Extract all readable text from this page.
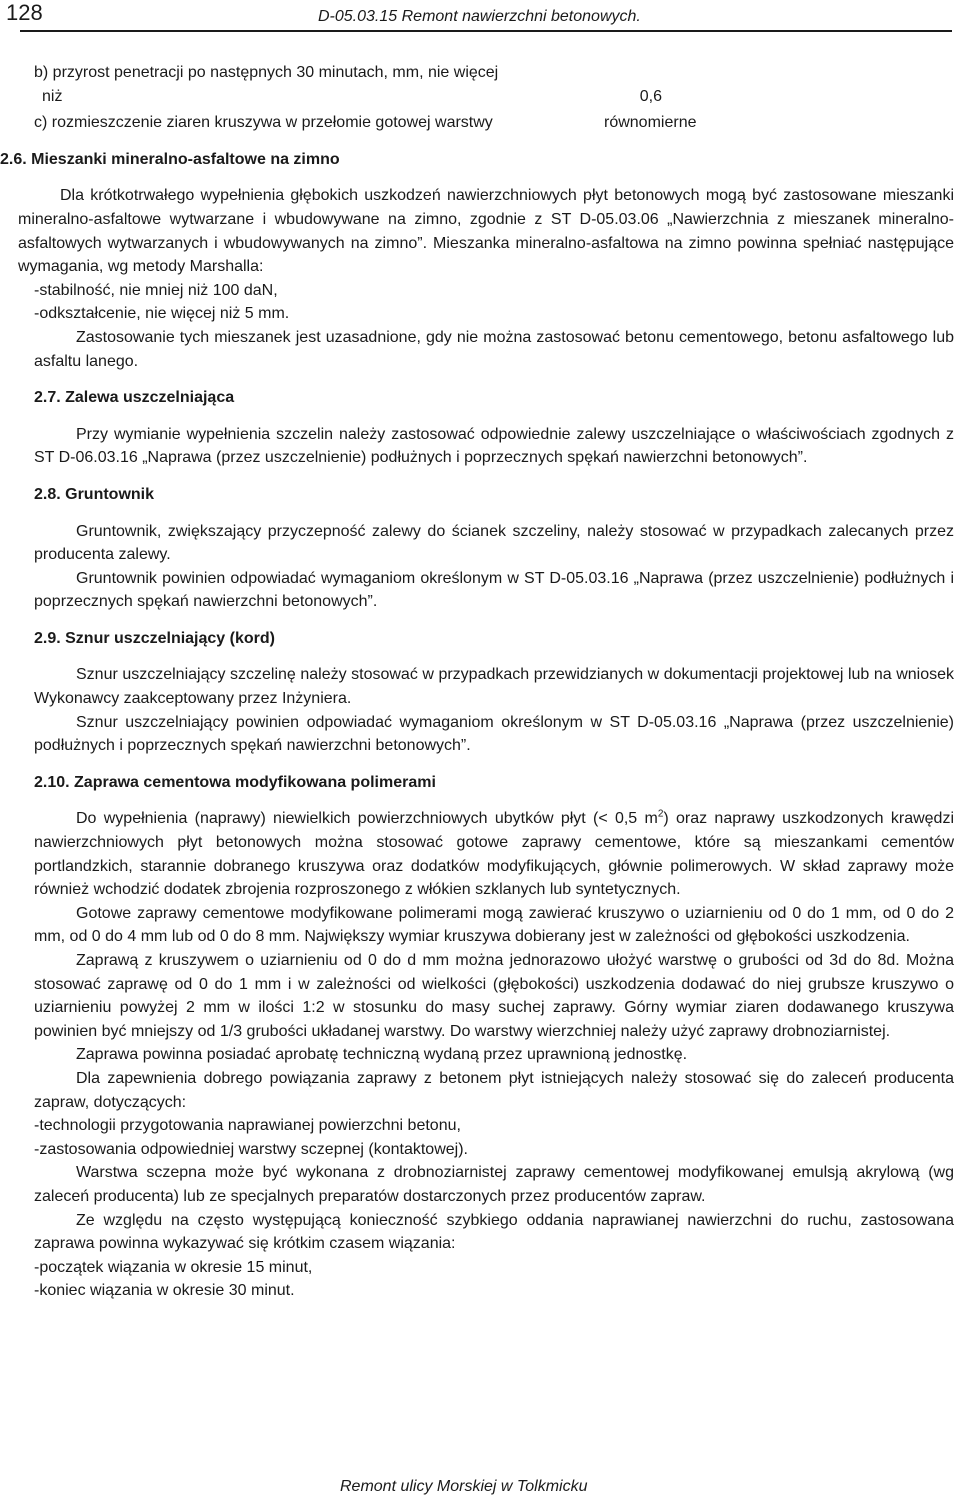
128	D-05.03.15 Remont nawierzchni betonowych.
b) przyrost penetracji po następnych 30 minutach, mm, nie więcej
niż	0,6
c) rozmieszczenie ziaren kruszywa w przełomie gotowej warstwy	równomierne
2.6. Mieszanki mineralno-asfaltowe na zimno

Dla krótkotrwałego wypełnienia głębokich uszkodzeń nawierzchniowych płyt betonowych mogą być zastosowane mieszanki mineralno-asfaltowe wytwarzane i wbudowywane na zimno, zgodnie z ST D-05.03.06 „Nawierzchnia z mieszanek mineralno-asfaltowych wytwarzanych i wbudowywanych na zimno”. Mieszanka mineralno-asfaltowa na zimno powinna spełniać następujące wymagania, wg metody Marshalla:

-stabilność, nie mniej niż 100 daN,

-odkształcenie, nie więcej niż 5 mm.

Zastosowanie tych mieszanek jest uzasadnione, gdy nie można zastosować betonu cementowego, betonu asfaltowego lub asfaltu lanego.

2.7. Zalewa uszczelniająca

Przy wymianie wypełnienia szczelin należy zastosować odpowiednie zalewy uszczelniające o właściwościach zgodnych z ST D-06.03.16 „Naprawa (przez uszczelnienie) podłużnych i poprzecznych spękań nawierzchni betonowych”.

2.8. Gruntownik

Gruntownik, zwiększający przyczepność zalewy do ścianek szczeliny, należy stosować w przypadkach zalecanych przez producenta zalewy.

Gruntownik powinien odpowiadać wymaganiom określonym w ST D-05.03.16 „Naprawa (przez uszczelnienie) podłużnych i poprzecznych spękań nawierzchni betonowych”.

2.9. Sznur uszczelniający (kord)

Sznur uszczelniający szczelinę należy stosować w przypadkach przewidzianych w dokumentacji projektowej lub na wniosek Wykonawcy zaakceptowany przez Inżyniera.

Sznur uszczelniający powinien odpowiadać wymaganiom określonym w ST D-05.03.16 „Naprawa (przez uszczelnienie) podłużnych i poprzecznych spękań nawierzchni betonowych”.

2.10. Zaprawa cementowa modyfikowana polimerami

Do wypełnienia (naprawy) niewielkich powierzchniowych ubytków płyt (< 0,5 $m^2$) oraz naprawy uszkodzonych krawędzi nawierzchniowych płyt betonowych można stosować gotowe zaprawy cementowe, które są mieszankami cementów portlandzkich, starannie dobranego kruszywa oraz dodatków modyfikujących, głównie polimerowych. W skład zaprawy może również wchodzić dodatek zbrojenia rozproszonego z włókien szklanych lub syntetycznych.

Gotowe zaprawy cementowe modyfikowane polimerami mogą zawierać kruszywo o uziarnieniu od 0 do 1 mm, od 0 do 2 mm, od 0 do 4 mm lub od 0 do 8 mm. Największy wymiar kruszywa dobierany jest w zależności od głębokości uszkodzenia.

Zaprawą z kruszywem o uziarnieniu od 0 do d mm można jednorazowo ułożyć warstwę o grubości od 3d do 8d. Można stosować zaprawę od 0 do 1 mm i w zależności od wielkości (głębokości) uszkodzenia dodawać do niej grubsze kruszywo o uziarnieniu powyżej 2 mm w ilości 1:2 w stosunku do masy suchej zaprawy. Górny wymiar ziaren dodawanego kruszywa powinien być mniejszy od 1/3 grubości układanej warstwy. Do warstwy wierzchniej należy użyć zaprawy drobnoziarnistej.

Zaprawa powinna posiadać aprobatę techniczną wydaną przez uprawnioną jednostkę.

Dla zapewnienia dobrego powiązania zaprawy z betonem płyt istniejących należy stosować się do zaleceń producenta zapraw, dotyczących:

-technologii przygotowania naprawianej powierzchni betonu,

-zastosowania odpowiedniej warstwy sczepnej (kontaktowej).

Warstwa sczepna może być wykonana z drobnoziarnistej zaprawy cementowej modyfikowanej emulsją akrylową (wg zaleceń producenta) lub ze specjalnych preparatów dostarczonych przez producentów zapraw.

Ze względu na często występującą konieczność szybkiego oddania naprawianej nawierzchni do ruchu, zastosowana zaprawa powinna wykazywać się krótkim czasem wiązania:

-początek wiązania w okresie 15 minut,

-koniec wiązania w okresie 30 minut.

Remont ulicy Morskiej w Tolkmicku
